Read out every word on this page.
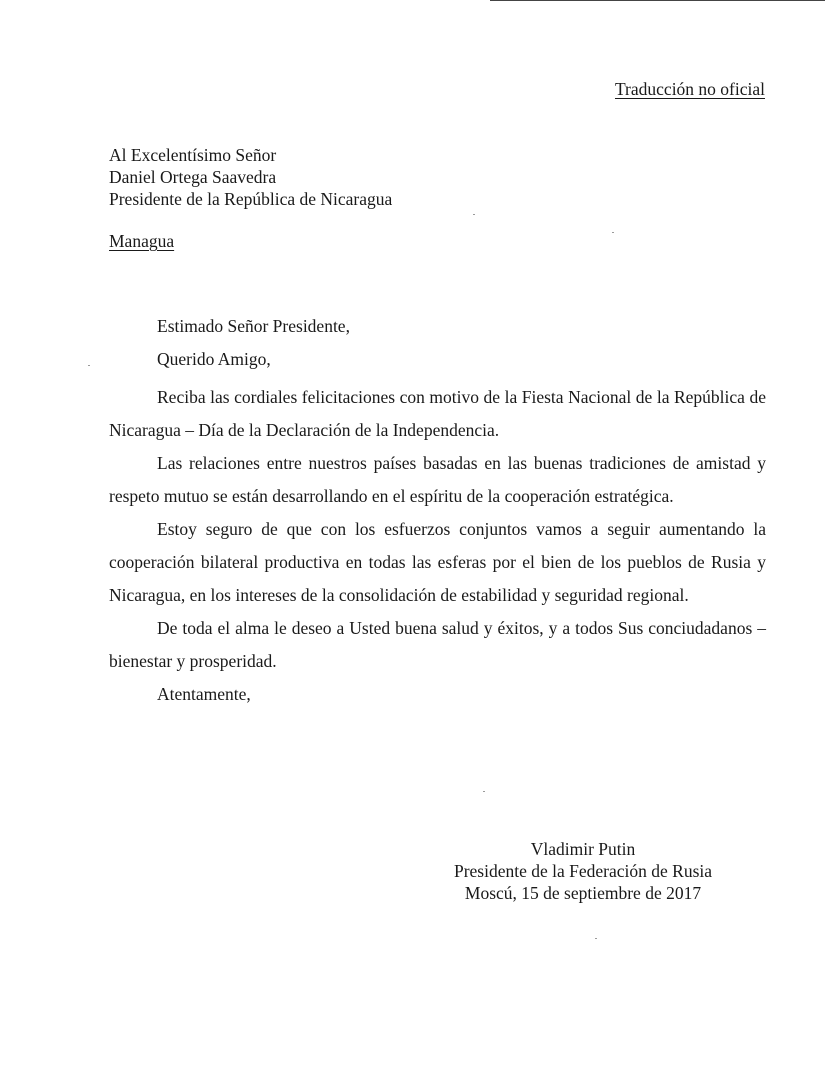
Traducción no oficial
Al Excelentísimo Señor
Daniel Ortega Saavedra
Presidente de la República de Nicaragua
Managua
Estimado Señor Presidente,
Querido Amigo,

Reciba las cordiales felicitaciones con motivo de la Fiesta Nacional de la República de Nicaragua – Día de la Declaración de la Independencia.

Las relaciones entre nuestros países basadas en las buenas tradiciones de amistad y respeto mutuo se están desarrollando en el espíritu de la cooperación estratégica.

Estoy seguro de que con los esfuerzos conjuntos vamos a seguir aumentando la cooperación bilateral productiva en todas las esferas por el bien de los pueblos de Rusia y Nicaragua, en los intereses de la consolidación de estabilidad y seguridad regional.

De toda el alma le deseo a Usted buena salud y éxitos, y a todos Sus conciudadanos – bienestar y prosperidad.

Atentamente,

Vladimir Putin
Presidente de la Federación de Rusia
Moscú, 15 de septiembre de 2017
